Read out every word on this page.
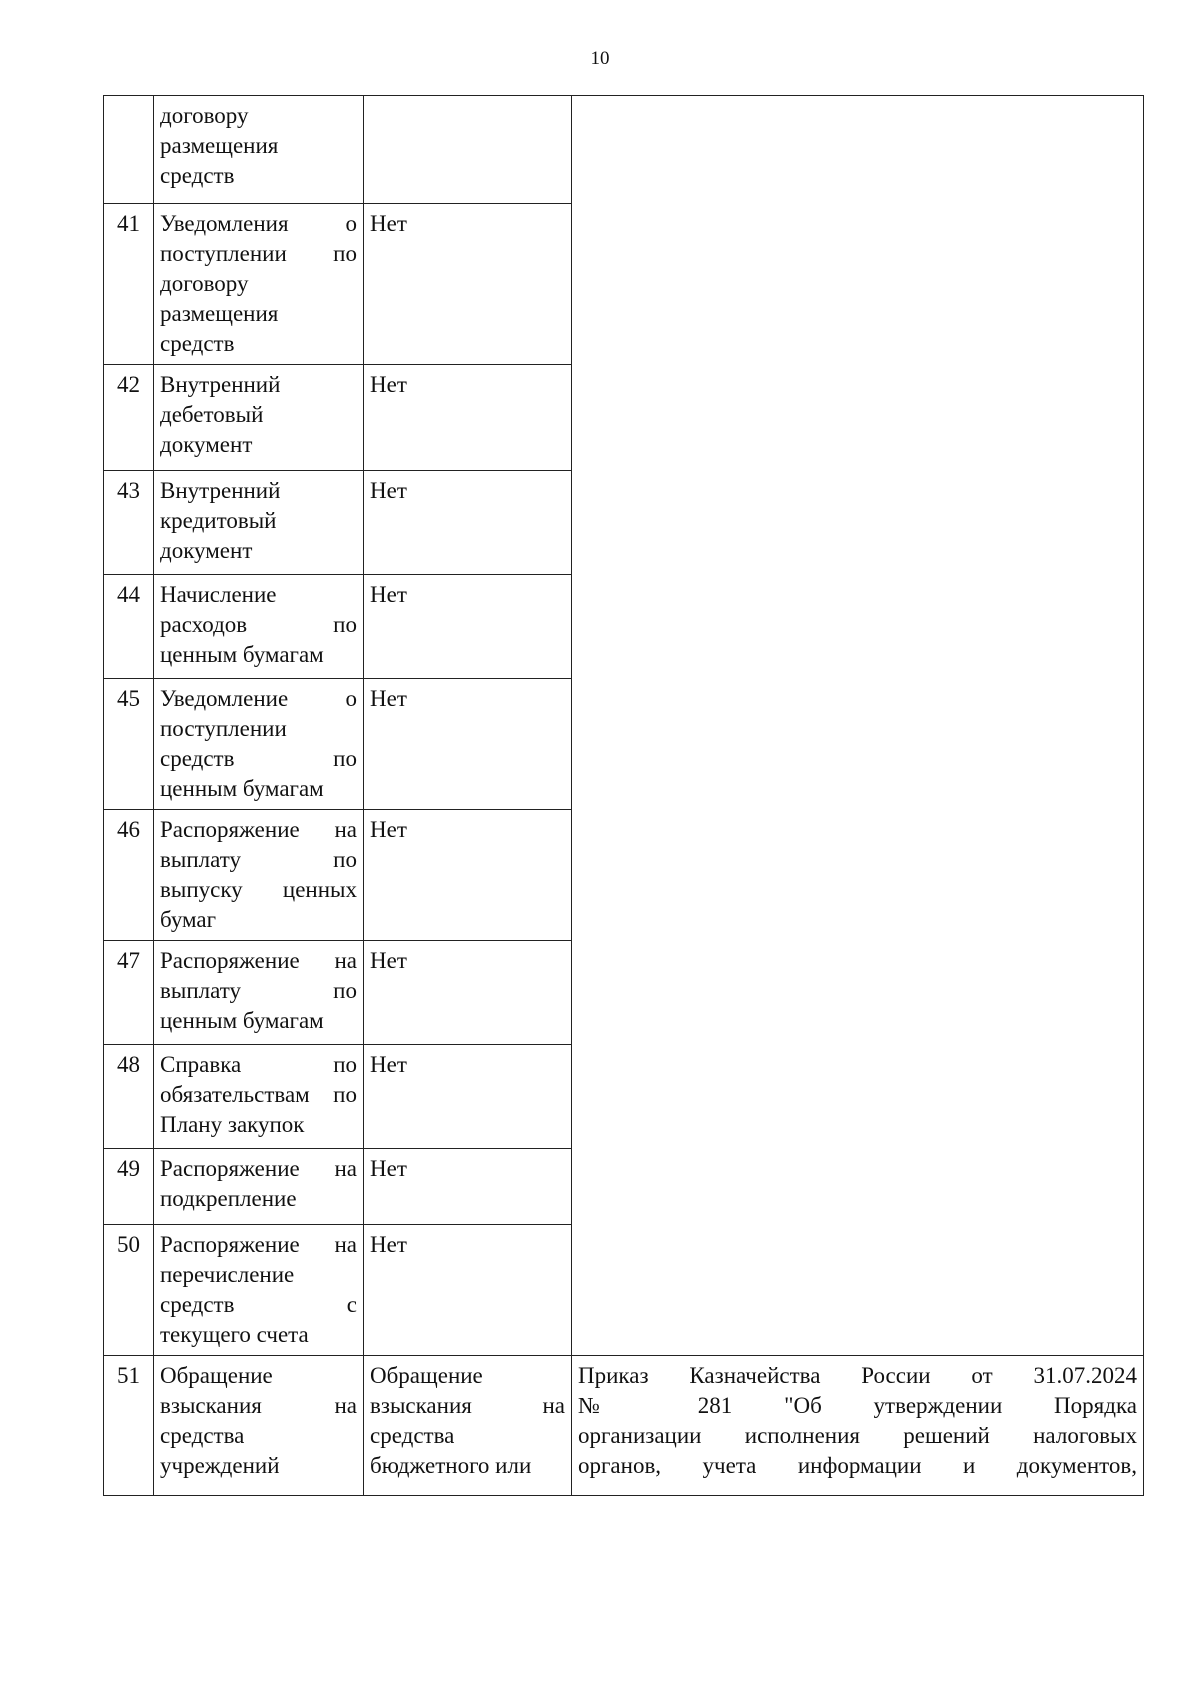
10

	договору
размещения
средств		

41	Уведомления о
поступлении по
договору
размещения
средств	Нет	

42	Внутренний
дебетовый
документ	Нет	

43	Внутренний
кредитовый
документ	Нет	

44	Начисление
расходов по
ценным бумагам	Нет	

45	Уведомление о
поступлении
средств по
ценным бумагам	Нет	

46	Распоряжение на
выплату по
выпуску ценных
бумаг	Нет	

47	Распоряжение на
выплату по
ценным бумагам	Нет	

48	Справка по
обязательствам по
Плану закупок	Нет	

49	Распоряжение на
подкрепление	Нет	

50	Распоряжение на
перечисление
средств с
текущего счета	Нет	

51	Обращение
взыскания на
средства
учреждений	Обращение
взыскания на
средства
бюджетного или	Приказ Казначейства России от 31.07.2024
№ 281 "Об утверждении Порядка
организации исполнения решений налоговых
органов, учета информации и документов,
